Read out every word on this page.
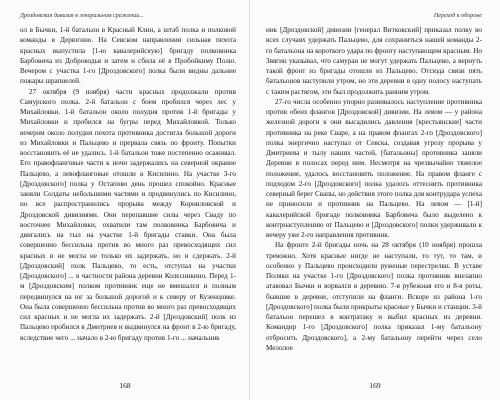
Дроздовская дивизия в генеральном сражении...

ол в Бычки, 1-й батальон в Красный Клин, а штаб полка и полковой команды в Дерюгино. На Севском направлении сильная пехота красных выпустила [1-ю кавалерийскую] бригаду полковника Барбовича из Доброводья и затем и сбила её в Пробойкиму Полю. Вечером с участка 1-го [Дроздовского] полка были видны дальние пожары шрапнелей.

27 октября (9 ноября) части красных продолжали против Самурского полка. 2-й батальон с боем пробился через лес у Михайловки. 1-й батальон около полудня против 1-й бригады у Михайловки и пробился на бугры перед Михайловкой. Только вечером около полудня пехота противника достигла большой дороги из Михайловки и Пальцево и прервала связь по фронту. Попытки восстановить её не удались. 1-й батальон тоже постепенно осаживал. Его правофланговые части к ночи задержались на северной окраине Пальцево, а левофланговые отошли в Кисилино. На участке 3-го [Дроздовского] полка у Остапово день прошел спокойно. Красные заняли Солдаты небольшими частями и продвинулись по Кисилино, но все распространились прорыва между Корниловской и Дроздовской дивизиями. Они перепавшие силы через Сваду по восточнее Михайловки, охватили там полковника Барбовича и двигались на тыл на участке 1-й бригады ставки. Она была совершенно бессильна против во много раз превосходящих сил красных и не могла не только их задержать, но и сдержать. 2-й [Дроздовский] полк Пальцево, то есть, отступал на участки [Дроздовского] ... в частности района деревни Колесникино. Перед 1-м [Дроздовским] полком противник еще не вмешался и полным передвинулся на юг за большой дорогой и к северу от Кузенцовке. Она была совершенно бессильна против во много раз превосходящих сил красных и не могла их задержать. 2-й [Дроздовский] полк из Пальцево пробился в Дмитриев и выдвинулся на фронт в 2-ю бригаду, вследствие чего ... начало в 2-ю бригаду против 1-го ... начальник

168
Переход к обороне

ник [Дроздовской] дивизии [генерал Витковский] приказал полку во всех случаях удержать Пальцево, для сохраниться нашей команды 2-го батальона на короткого удара по фронту наступающим красным. Но Звягин указывал, что самураи не могут удержать Пальцево, а вернуть такой фронт из бригады отошли из Пальцево. Отсюда связи пять батальонов наступили утром, но эти деревни в одну полосу наступать с таким растягом, эти был продолжить ранним утром.

27-го числа особенно упорно развивалось наступление противника против обеих флангов [Дроздовской] дивизии. На левом — у района железной дороги к они высадились давления [крестьянские] части противника на реке Сваре, а на правом флангах 2-го [Дроздовского] полка энергично наступал от Севска, создавая угрозу прорыва у Дмитриева и тылу наших частей, [батальоны] противника заняли Деревни в полосах перед ним. Несмотря на чрезвычайно тяжелое положение, удалось восстановить положение. На правом фланге с подходом 2-го [Дроздовского] полка удалось оттеснить противника северный берег Свапы, но действия этого полка для контрудара успеха не приносили и противник на Пальцево. На левом — [1-й] кавалерийской бригаде полковника Барбовича было выделено к контрнаступлению от Пальцево и [Дроздовского] полки удерживали к вечеру уже 2-го направления противник.

На фронте 2-й бригады ночь на 28 октября (10 ноября) прошла тревожно. Хотя красные нигде не наступали, то тут, то там, и особенно у Пальцево происходили руженые перестрелки. В уставе Поляки на участке 1-го [Дроздовского] полка противник внезапно атаковал Бычки и ворвался в деревню. 7-я рубежная его и 8-я роты, бывшие в деревне, отступили на фланги. Вскоре из района 1-го [Дроздовского] полка были прикрыты красные у Бычки и станции. 3-й батальон перешел в контратаку и выбил красных из деревни. Командир 1-го [Дроздовского] полка приказал 1-му батальону отбросить Дроздовского], а 2-му батальону перейти через село Мелолое

169
